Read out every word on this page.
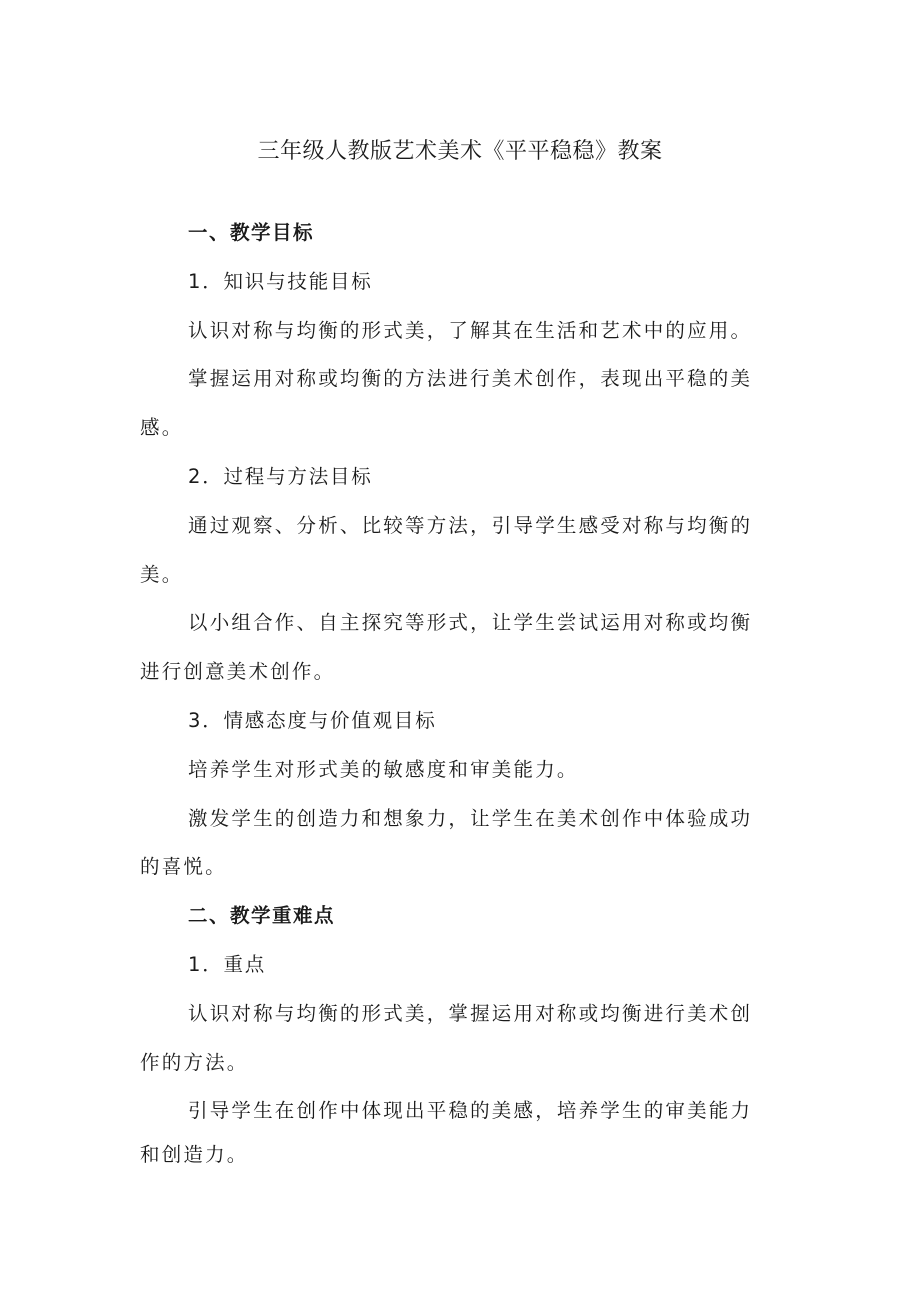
三年级人教版艺术美术《平平稳稳》教案

一、教学目标

1．知识与技能目标

认识对称与均衡的形式美，了解其在生活和艺术中的应用。

掌握运用对称或均衡的方法进行美术创作，表现出平稳的美

感。

2．过程与方法目标

通过观察、分析、比较等方法，引导学生感受对称与均衡的

美。

以小组合作、自主探究等形式，让学生尝试运用对称或均衡

进行创意美术创作。

3．情感态度与价值观目标

培养学生对形式美的敏感度和审美能力。

激发学生的创造力和想象力，让学生在美术创作中体验成功

的喜悦。

二、教学重难点

1．重点

认识对称与均衡的形式美，掌握运用对称或均衡进行美术创

作的方法。

引导学生在创作中体现出平稳的美感，培养学生的审美能力

和创造力。
